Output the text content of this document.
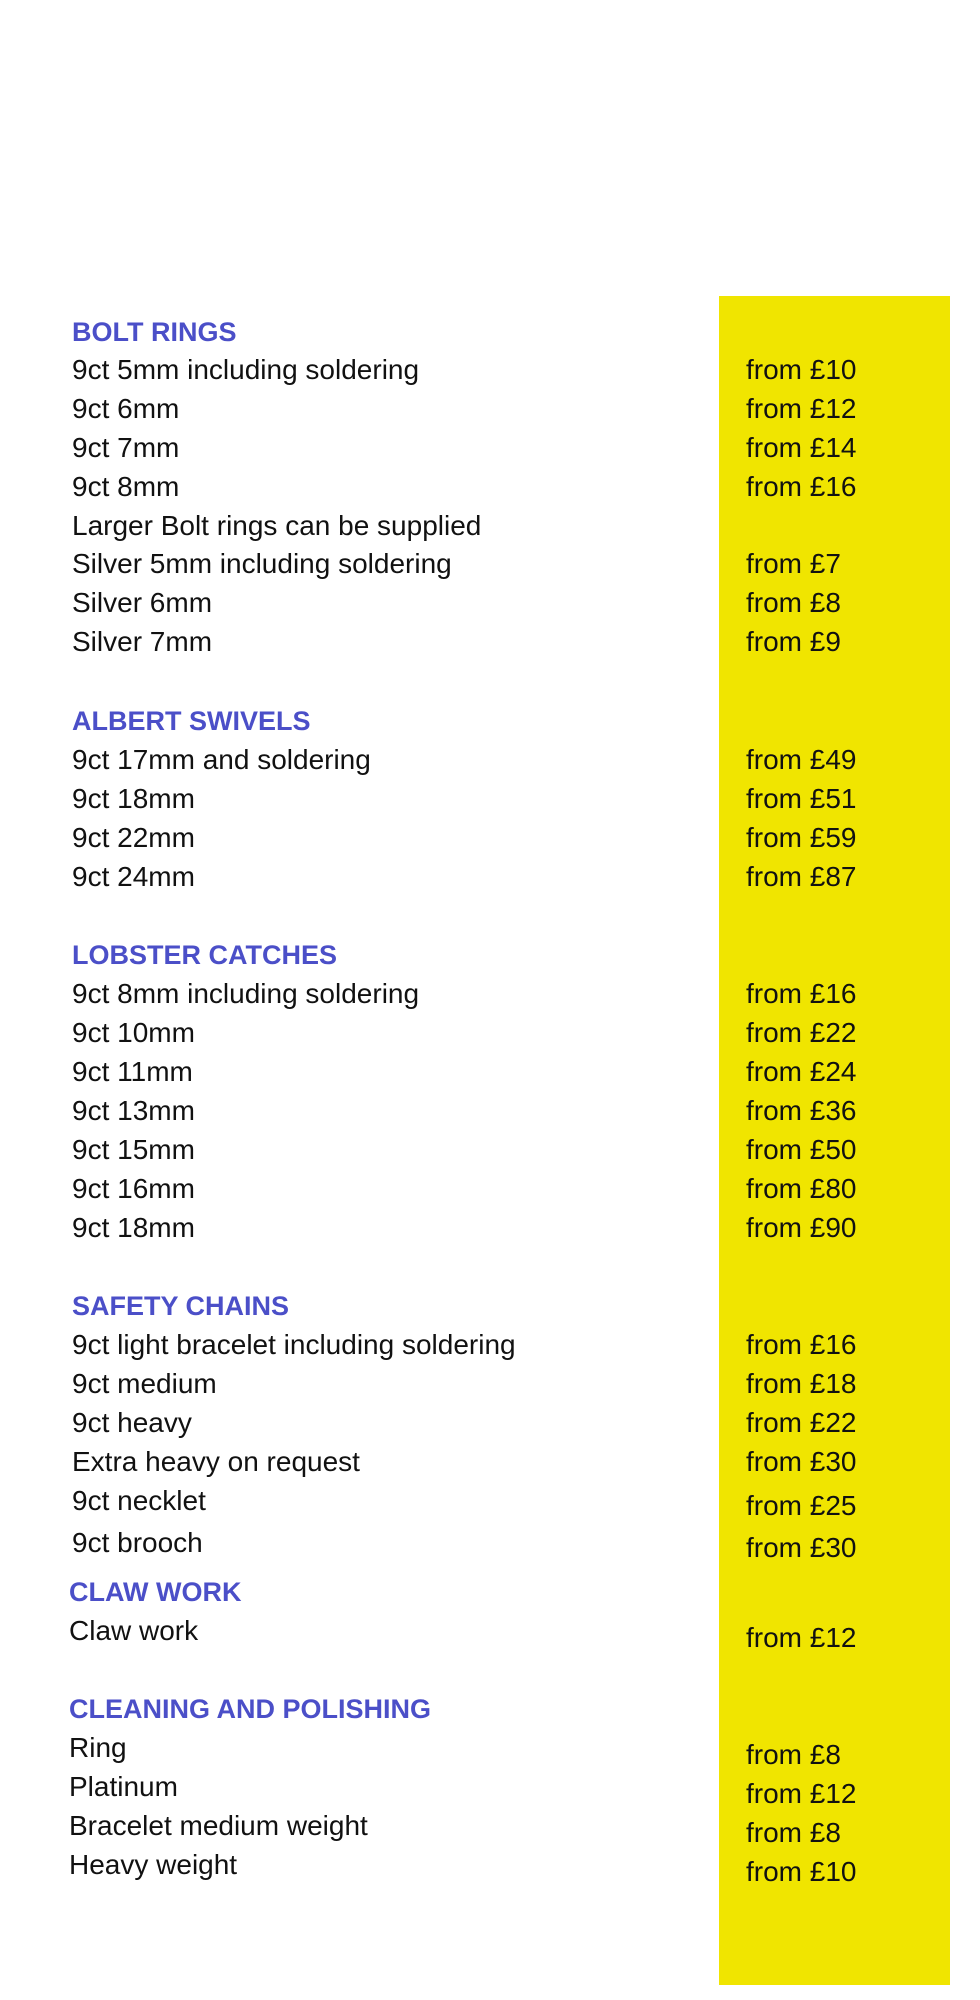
BOLT RINGS
9ct 5mm including soldering	from £10
9ct 6mm	from £12
9ct 7mm	from £14
9ct 8mm	from £16
Larger Bolt rings can be supplied
Silver 5mm including soldering	from £7
Silver 6mm	from £8
Silver 7mm	from £9
ALBERT SWIVELS
9ct 17mm and soldering	from £49
9ct 18mm	from £51
9ct 22mm	from £59
9ct 24mm	from £87
LOBSTER CATCHES
9ct 8mm including soldering	from £16
9ct 10mm	from £22
9ct 11mm	from £24
9ct 13mm	from £36
9ct 15mm	from £50
9ct 16mm	from £80
9ct 18mm	from £90
SAFETY CHAINS
9ct light bracelet including soldering	from £16
9ct medium	from £18
9ct heavy	from £22
Extra heavy on request	from £30
9ct necklet	from £25
9ct brooch	from £30
CLAW WORK
Claw work	from £12
CLEANING AND POLISHING
Ring	from £8
Platinum	from £12
Bracelet medium weight	from £8
Heavy weight	from £10
